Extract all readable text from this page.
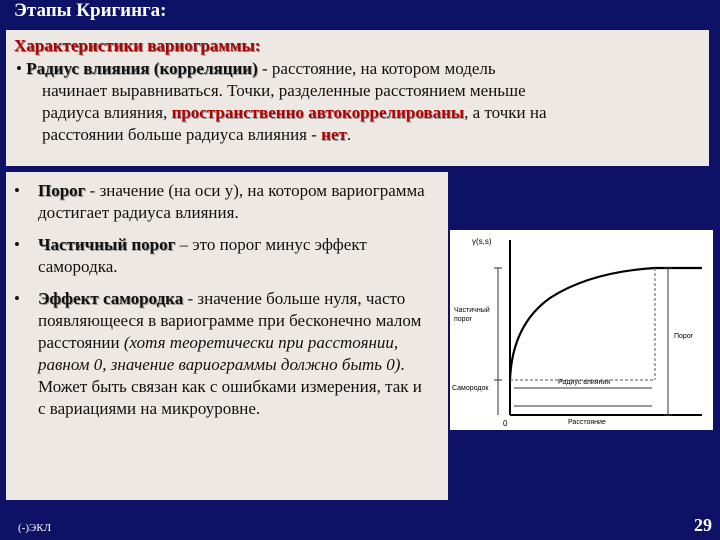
Этапы Кригинга:
Характеристики вариограммы:
• Радиус влияния (корреляции) - расстояние, на котором модель
начинает выравниваться. Точки, разделенные расстоянием меньше
радиуса влияния, пространственно автокоррелированы, а точки на
расстоянии больше радиуса влияния - нет.
• Порог - значение (на оси у), на котором вариограмма достигает радиуса влияния.
• Частичный порог – это порог минус эффект самородка.
• Эффект самородка - значение больше нуля, часто появляющееся в вариограмме при бесконечно малом расстоянии (хотя теоретически при расстоянии, равном 0, значение вариограммы должно быть 0). Может быть связан как с ошибками измерения, так и с вариациями на микроуровне.
γ(s,s)
Частичный порог
Порог
Радиус влияния
Самородок
0	Расстояние
(-)ЭКЛ	29
